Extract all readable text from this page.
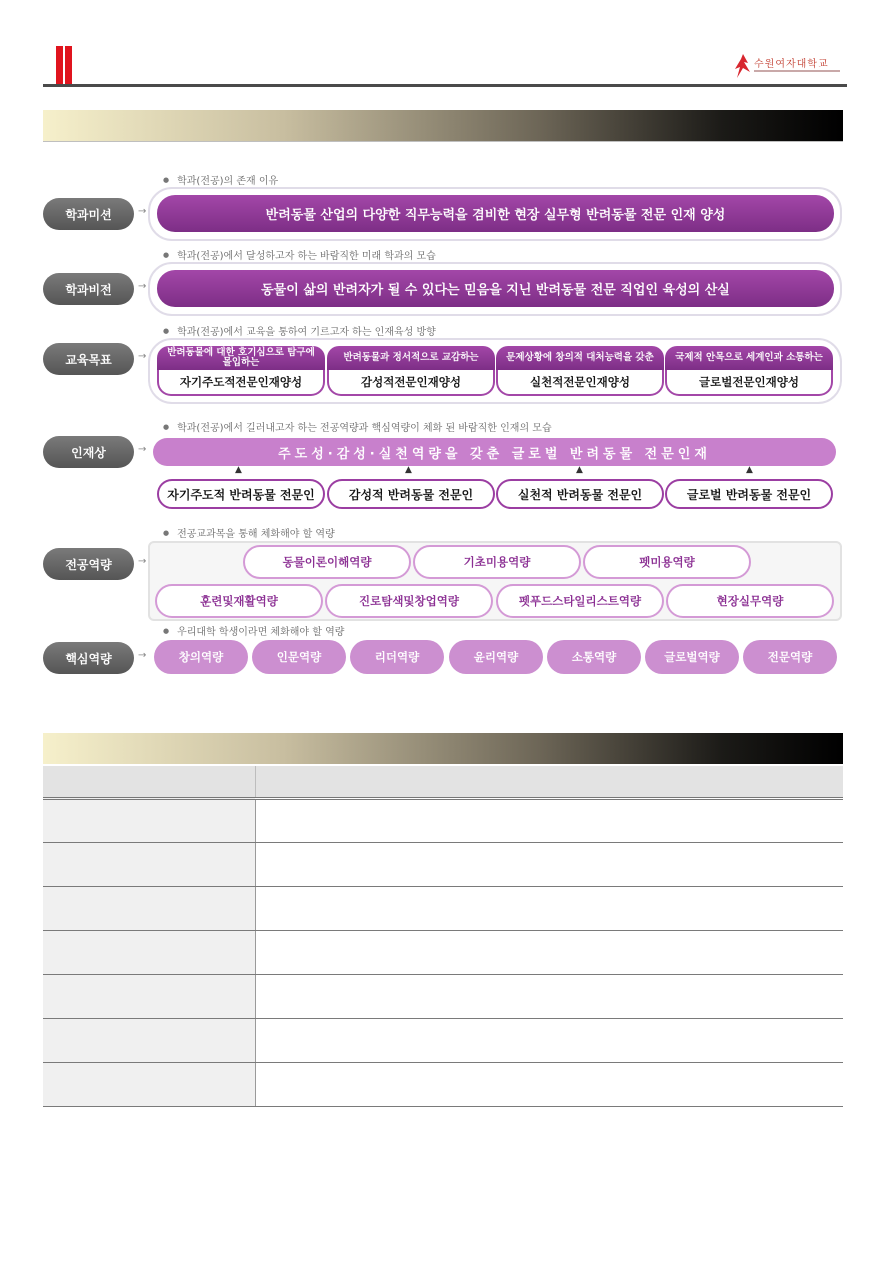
수원여자대학교
● 학과(전공)의 존재 이유
학과미션	→	반려동물 산업의 다양한 직무능력을 겸비한 현장 실무형 반려동물 전문 인재 양성
● 학과(전공)에서 달성하고자 하는 바람직한 미래 학과의 모습
학과비전	→	동물이 삶의 반려자가 될 수 있다는 믿음을 지닌 반려동물 전문 직업인 육성의 산실
● 학과(전공)에서 교육을 통하여 기르고자 하는 인재육성 방향
교육목표	→	반려동물에 대한 호기심으로 탐구에 몰입하는
자기주도적전문인재양성
반려동물과 정서적으로 교감하는
감성적전문인재양성
문제상황에 창의적 대처능력을 갖춘
실천적전문인재양성
국제적 안목으로 세계인과 소통하는
글로벌전문인재양성
● 학과(전공)에서 길러내고자 하는 전공역량과 핵심역량이 체화 된 바람직한 인재의 모습
인재상	→	주도성·감성·실천역량을 갖춘 글로벌 반려동물 전문인재
▲	▲	▲	▲
자기주도적 반려동물 전문인	감성적 반려동물 전문인	실천적 반려동물 전문인	글로벌 반려동물 전문인
● 전공교과목을 통해 체화해야 할 역량
전공역량	→	동물이론이해역량	기초미용역량	펫미용역량
훈련및재활역량	진로탐색및창업역량	펫푸드스타일리스트역량	현장실무역량
● 우리대학 학생이라면 체화해야 할 역량
핵심역량	→	창의역량	인문역량	리더역량	윤리역량	소통역량	글로벌역량	전문역량
